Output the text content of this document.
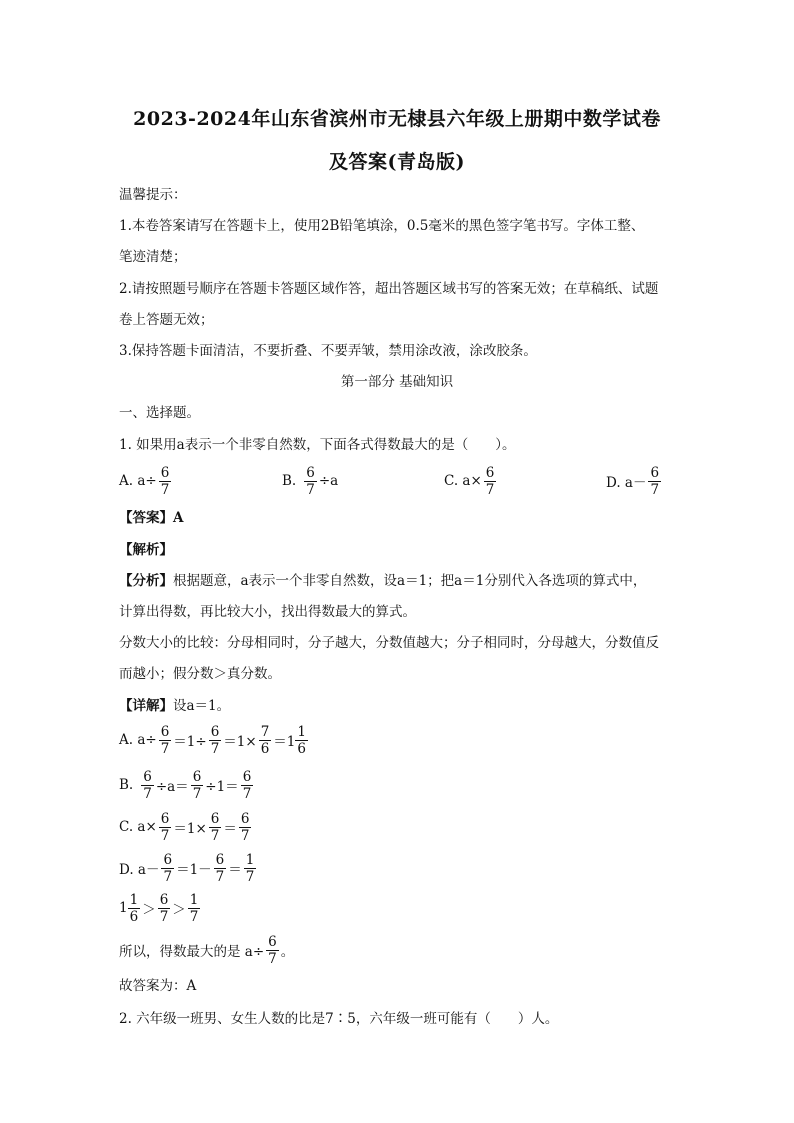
2023-2024年山东省滨州市无棣县六年级上册期中数学试卷
及答案(青岛版)
温馨提示：
1.本卷答案请写在答题卡上，使用2B铅笔填涂，0.5毫米的黑色签字笔书写。字体工整、
笔迹清楚；
2.请按照题号顺序在答题卡答题区域作答，超出答题区域书写的答案无效；在草稿纸、试题
卷上答题无效；
3.保持答题卡面清洁，不要折叠、不要弄皱，禁用涂改液，涂改胶条。
第一部分 基础知识
一、选择题。
1. 如果用a表示一个非零自然数，下面各式得数最大的是（　　）。
A. $a\div \frac{6}{7}$	B. $\frac{6}{7} \div a$	C. $a\times \frac{6}{7}$	D. $a- \frac{6}{7}$
【答案】A
【解析】
【分析】根据题意，a表示一个非零自然数，设a＝1；把a＝1分别代入各选项的算式中，
计算出得数，再比较大小，找出得数最大的算式。
分数大小的比较：分母相同时，分子越大，分数值越大；分子相同时，分母越大，分数值反
而越小；假分数＞真分数。
【详解】设a＝1。
A. $a\div \frac{6}{7} =1\div \frac{6}{7} =1\times \frac{7}{6} =1 \frac{1}{6}$
B. $\frac{6}{7} \div a= \frac{6}{7} \div 1= \frac{6}{7}$
C. $a\times \frac{6}{7} =1\times \frac{6}{7} = \frac{6}{7}$
D. $a- \frac{6}{7} =1- \frac{6}{7} = \frac{1}{7}$
$1 \frac{1}{6} > \frac{6}{7} > \frac{1}{7}$
所以，得数最大的是 $a\div \frac{6}{7}$ 。
故答案为：A
2. 六年级一班男、女生人数的比是7∶5，六年级一班可能有（　　）人。
